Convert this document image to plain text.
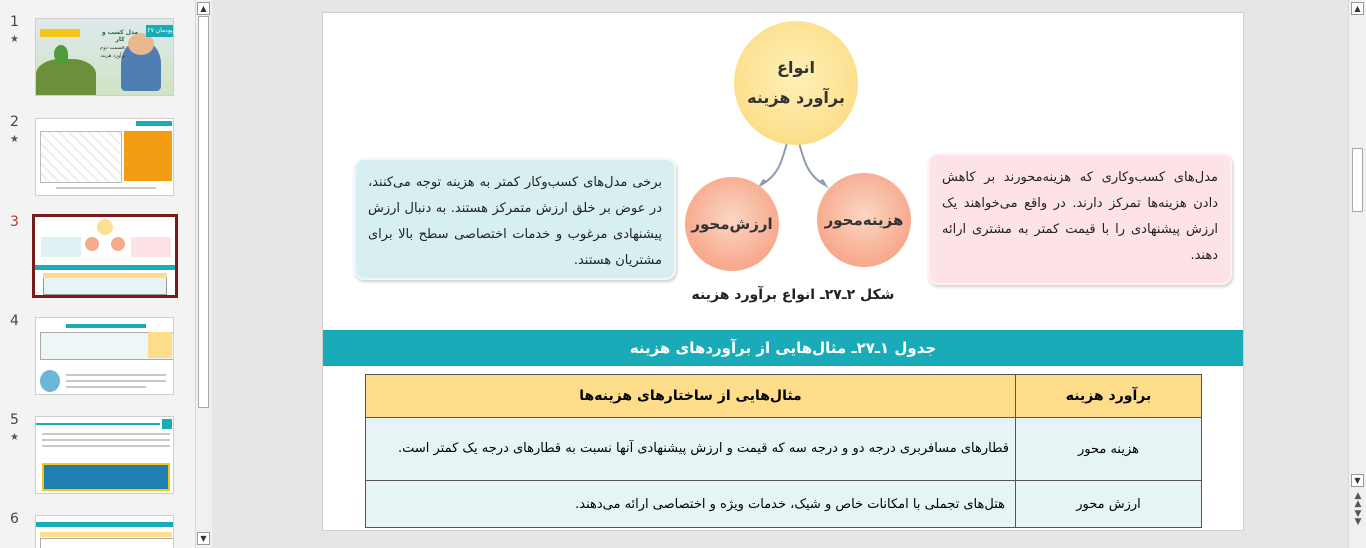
1
★
پودمان ۲۷
مدل کسب و کار
قسمت دوم:
برآورد هزینه
2
★
3
4
5
★
6
▲
▼
انواع
برآورد هزینه
ارزش‌محور	هزینه‌محور
برخی مدل‌های کسب‌وکار کمتر به هزینه توجه می‌کنند، در عوض بر خلق ارزش متمرکز هستند. به دنبال ارزش پیشنهادی مرغوب و خدمات اختصاصی سطح بالا برای مشتریان هستند.
مدل‌های کسب‌وکاری که هزینه‌محورند بر کاهش دادن هزینه‌ها تمرکز دارند. در واقع می‌خواهند یک ارزش پیشنهادی را با قیمت کمتر به مشتری ارائه دهند.
شکل ۲ـ۲۷ـ انواع برآورد هزینه
جدول ۱ـ۲۷ـ مثال‌هایی از برآوردهای هزینه
برآورد هزینه	مثال‌هایی از ساختارهای هزینه‌ها
هزینه محور	قطارهای مسافربری درجه دو و درجه سه که قیمت و ارزش پیشنهادی آنها نسبت به قطارهای درجه یک کمتر است.
ارزش محور	هتل‌های تجملی با امکانات خاص و شیک، خدمات ویژه و اختصاصی ارائه می‌دهند.
▲
▼
▲
▲
▼
▼
